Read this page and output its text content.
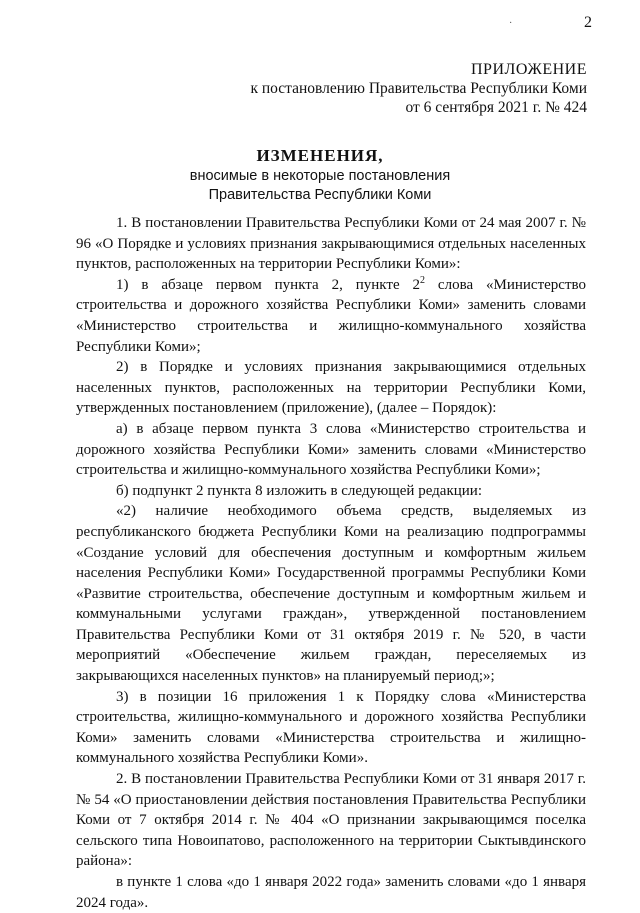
2
·
ПРИЛОЖЕНИЕ
к постановлению Правительства Республики Коми
от 6 сентября 2021 г. № 424
ИЗМЕНЕНИЯ,
вносимые в некоторые постановления
Правительства Республики Коми

1. В постановлении Правительства Республики Коми от 24 мая 2007 г. № 96 «О Порядке и условиях признания закрывающимися отдельных населенных пунктов, расположенных на территории Республики Коми»:

1) в абзаце первом пункта 2, пункте $2^2$ слова «Министерство строительства и дорожного хозяйства Республики Коми» заменить словами «Министерство строительства и жилищно-коммунального хозяйства Республики Коми»;

2) в Порядке и условиях признания закрывающимися отдельных населенных пунктов, расположенных на территории Республики Коми, утвержденных постановлением (приложение), (далее – Порядок):

а) в абзаце первом пункта 3 слова «Министерство строительства и дорожного хозяйства Республики Коми» заменить словами «Министерство строительства и жилищно-коммунального хозяйства Республики Коми»;

б) подпункт 2 пункта 8 изложить в следующей редакции:

«2) наличие необходимого объема средств, выделяемых из республиканского бюджета Республики Коми на реализацию подпрограммы «Создание условий для обеспечения доступным и комфортным жильем населения Республики Коми» Государственной программы Республики Коми «Развитие строительства, обеспечение доступным и комфортным жильем и коммунальными услугами граждан», утвержденной постановлением Правительства Республики Коми от 31 октября 2019 г. № 520, в части мероприятий «Обеспечение жильем граждан, переселяемых из закрывающихся населенных пунктов» на планируемый период;»;

3) в позиции 16 приложения 1 к Порядку слова «Министерства строительства, жилищно-коммунального и дорожного хозяйства Республики Коми» заменить словами «Министерства строительства и жилищно-коммунального хозяйства Республики Коми».

2. В постановлении Правительства Республики Коми от 31 января 2017 г. № 54 «О приостановлении действия постановления Правительства Республики Коми от 7 октября 2014 г. № 404 «О признании закрывающимся поселка сельского типа Новоипатово, расположенного на территории Сыктывдинского района»:

в пункте 1 слова «до 1 января 2022 года» заменить словами «до 1 января 2024 года».
